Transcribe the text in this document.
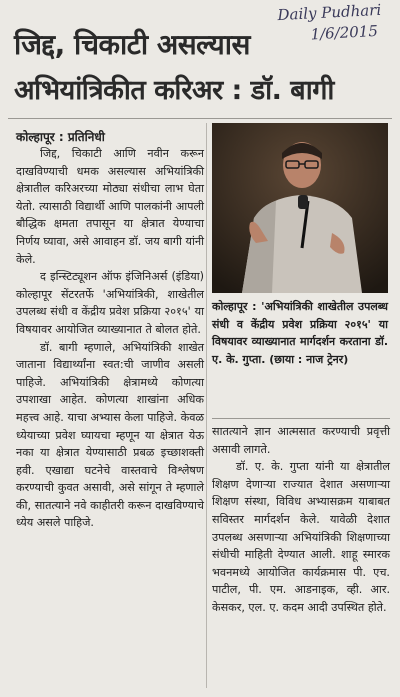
Daily Pudhari
1/6/2015
जिद्द, चिकाटी असल्यास
अभियांत्रिकीत करिअर : डॉ. बागी
कोल्हापूर : प्रतिनिधी

जिद्द, चिकाटी आणि नवीन करून दाखविण्याची धमक असल्यास अभियांत्रिकी क्षेत्रातील करिअरच्या मोठ्या संधीचा लाभ घेता येतो. त्यासाठी विद्यार्थी आणि पालकांनी आपली बौद्धिक क्षमता तपासून या क्षेत्रात येण्याचा निर्णय घ्यावा, असे आवाहन डॉ. जय बागी यांनी केले.

द इन्स्टिट्यूशन ऑफ इंजिनिअर्स (इंडिया) कोल्हापूर सेंटरतर्फे 'अभियांत्रिकी, शाखेतील उपलब्ध संधी व केंद्रीय प्रवेश प्रक्रिया २०१५' या विषयावर आयोजित व्याख्यानात ते बोलत होते.

डॉ. बागी म्हणाले, अभियांत्रिकी शाखेत जाताना विद्यार्थ्यांना स्वत:ची जाणीव असली पाहिजे. अभियांत्रिकी क्षेत्रामध्ये कोणत्या उपशाखा आहेत. कोणत्या शाखांना अधिक महत्त्व आहे. याचा अभ्यास केला पाहिजे. केवळ ध्येयाच्या प्रवेश घ्यायचा म्हणून या क्षेत्रात येऊ नका या क्षेत्रात येण्यासाठी प्रबळ इच्छाशक्ती हवी. एखाद्या घटनेचे वास्तवाचे विश्लेषण करण्याची कुवत असावी, असे सांगून ते म्हणाले की, सातत्याने नवे काहीतरी करून दाखविण्याचे ध्येय असले पाहिजे.

कोल्हापूर : 'अभियांत्रिकी शाखेतील उपलब्ध संधी व केंद्रीय प्रवेश प्रक्रिया २०१५' या विषयावर व्याख्यानात मार्गदर्शन करताना डॉ. ए. के. गुप्ता. (छाया : नाज ट्रेनर)

सातत्याने ज्ञान आत्मसात करण्याची प्रवृत्ती असावी लागते.

डॉ. ए. के. गुप्ता यांनी या क्षेत्रातील शिक्षण देणाऱ्या राज्यात देशात असणाऱ्या शिक्षण संस्था, विविध अभ्यासक्रम याबाबत सविस्तर मार्गदर्शन केले. यावेळी देशात उपलब्ध असणाऱ्या अभियांत्रिकी शिक्षणाच्या संधीची माहिती देण्यात आली. शाहू स्मारक भवनमध्ये आयोजित कार्यक्रमास पी. एच. पाटील, पी. एम. आडनाइक, व्ही. आर. केसकर, एल. ए. कदम आदी उपस्थित होते.
